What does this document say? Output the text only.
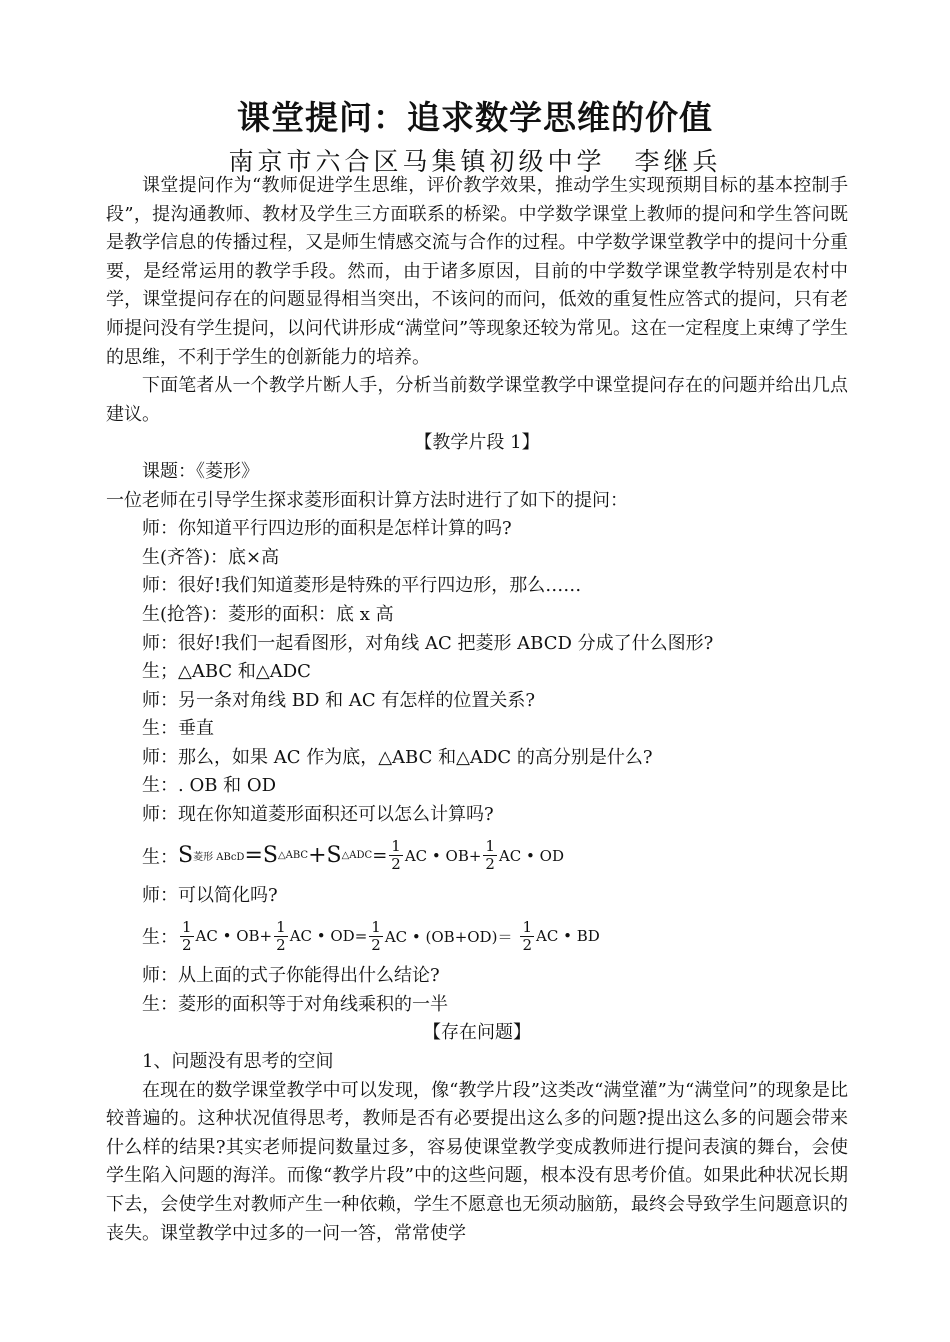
课堂提问：追求数学思维的价值
南京市六合区马集镇初级中学　李继兵

课堂提问作为“教师促进学生思维，评价教学效果，推动学生实现预期目标的基本控制手段”，提沟通教师、教材及学生三方面联系的桥梁。中学数学课堂上教师的提问和学生答问既是教学信息的传播过程，又是师生情感交流与合作的过程。中学数学课堂教学中的提问十分重要，是经常运用的教学手段。然而，由于诸多原因，目前的中学数学课堂教学特别是农村中学，课堂提问存在的问题显得相当突出，不该问的而问，低效的重复性应答式的提问，只有老师提问没有学生提问，以问代讲形成“满堂问”等现象还较为常见。这在一定程度上束缚了学生的思维，不利于学生的创新能力的培养。

下面笔者从一个教学片断人手，分析当前数学课堂教学中课堂提问存在的问题并给出几点建议。

【教学片段 1】

课题：《菱形》

一位老师在引导学生探求菱形面积计算方法时进行了如下的提问：

师：你知道平行四边形的面积是怎样计算的吗?

生(齐答)：底×高

师：很好!我们知道菱形是特殊的平行四边形，那么……

生(抢答)：菱形的面积：底 x 高

师：很好!我们一起看图形，对角线 AC 把菱形 ABCD 分成了什么图形?

生；△ABC 和△ADC

师：另一条对角线 BD 和 AC 有怎样的位置关系?

生：垂直

师：那么，如果 AC 作为底，△ABC 和△ADC 的高分别是什么?

生：. OB 和 OD

师：现在你知道菱形面积还可以怎么计算吗?

生： S 菱形 ABcD =S △ABC +S △ADC = $\frac{1}{2}$ AC • $OB+ \frac{1}{2}$ AC • OD

师：可以简化吗?

生： $\frac{1}{2}$ AC • $OB+ \frac{1}{2}$ AC • $OD= \frac{1}{2}$ AC • $(OB+OD)= \frac{1}{2}$ AC • BD

师：从上面的式子你能得出什么结论?

生：菱形的面积等于对角线乘积的一半

【存在问题】

1、问题没有思考的空间

在现在的数学课堂教学中可以发现，像“教学片段”这类改“满堂灌”为“满堂问”的现象是比较普遍的。这种状况值得思考，教师是否有必要提出这么多的问题?提出这么多的问题会带来什么样的结果?其实老师提问数量过多，容易使课堂教学变成教师进行提问表演的舞台，会使学生陷入问题的海洋。而像“教学片段”中的这些问题，根本没有思考价值。如果此种状况长期下去，会使学生对教师产生一种依赖，学生不愿意也无须动脑筋，最终会导致学生问题意识的丧失。课堂教学中过多的一问一答，常常使学
